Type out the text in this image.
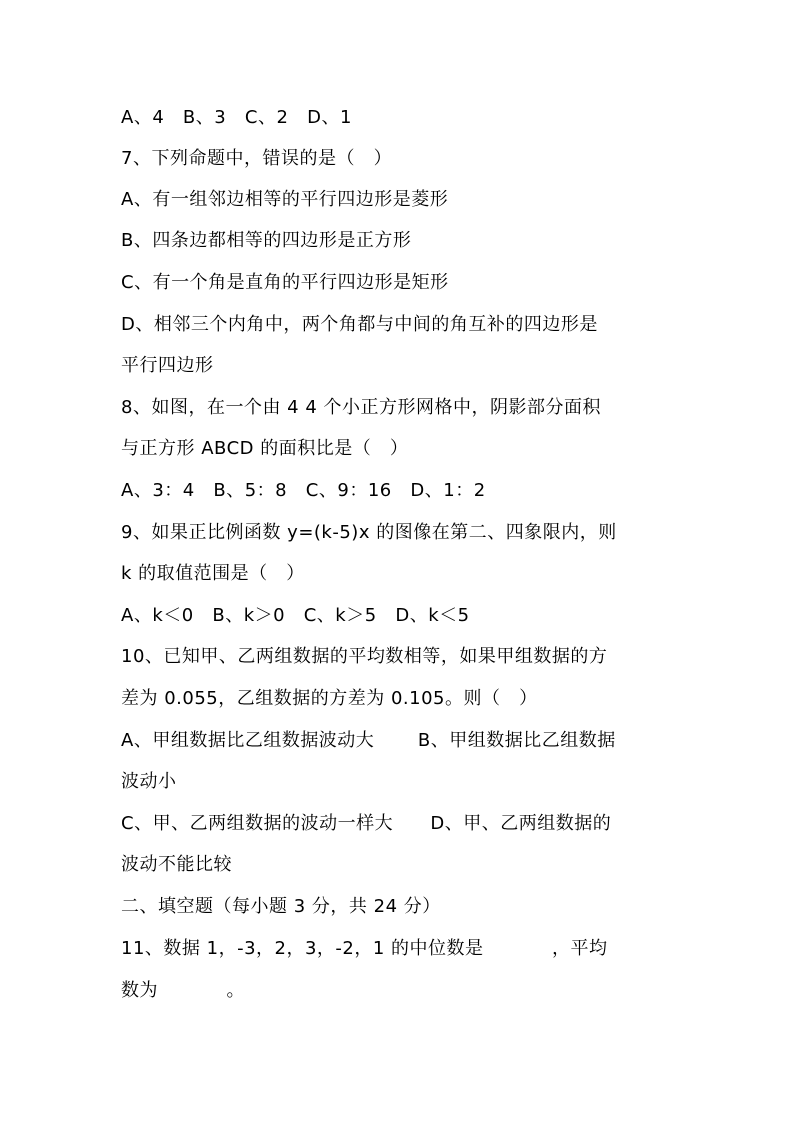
A、4   B、3   C、2   D、1
7、下列命题中，错误的是（   ）
A、有一组邻边相等的平行四边形是菱形
B、四条边都相等的四边形是正方形
C、有一个角是直角的平行四边形是矩形
D、相邻三个内角中，两个角都与中间的角互补的四边形是
平行四边形
8、如图，在一个由 4 4 个小正方形网格中，阴影部分面积
与正方形 ABCD 的面积比是（   ）
A、3：4   B、5：8   C、9：16   D、1：2
9、如果正比例函数 y=(k-5)x 的图像在第二、四象限内，则
k 的取值范围是（   ）
A、k＜0   B、k＞0   C、k＞5   D、k＜5
10、已知甲、乙两组数据的平均数相等，如果甲组数据的方
差为 0.055，乙组数据的方差为 0.105。则（   ）
A、甲组数据比乙组数据波动大       B、甲组数据比乙组数据
波动小
C、甲、乙两组数据的波动一样大      D、甲、乙两组数据的
波动不能比较
二、填空题（每小题 3 分，共 24 分）
11、数据 1，-3，2，3，-2，1 的中位数是           ，平均
数为           。
